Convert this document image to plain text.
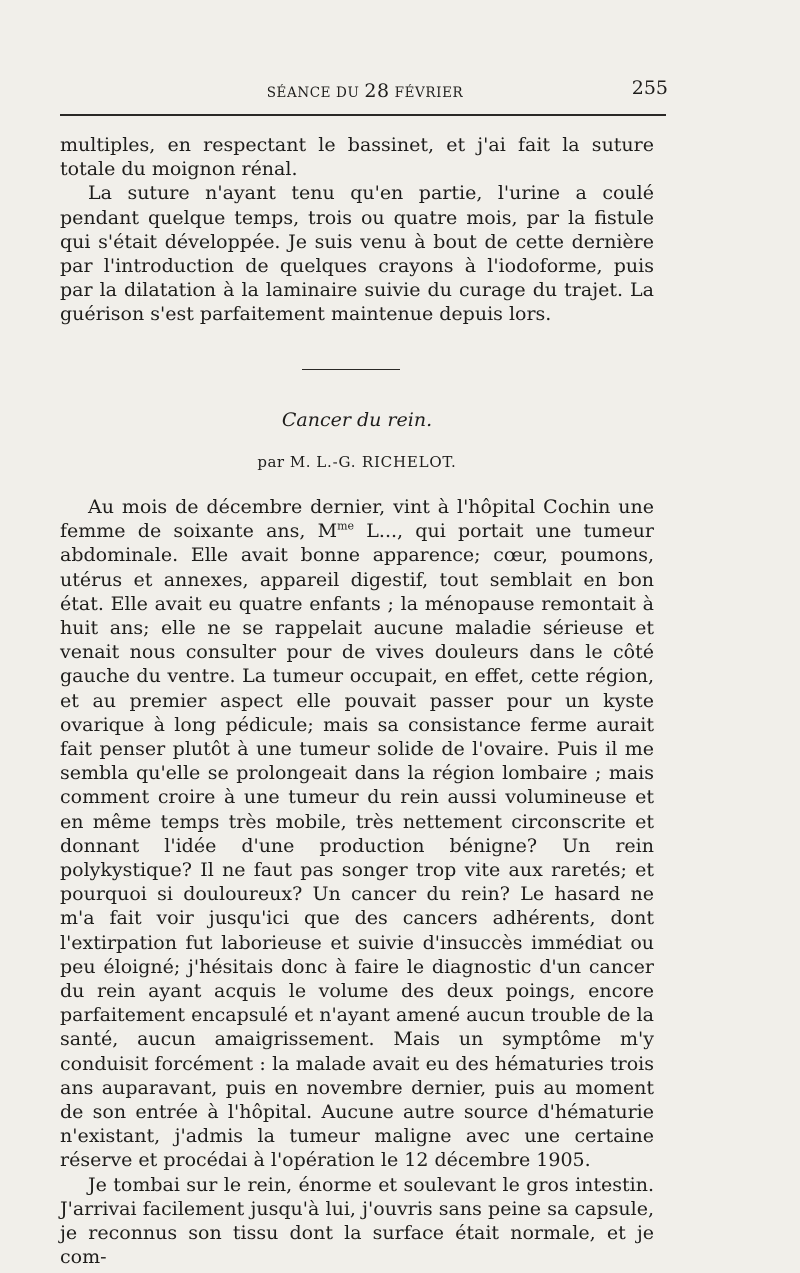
SÉANCE DU 28 FÉVRIER	255

multiples, en respectant le bassinet, et j'ai fait la suture totale du moignon rénal.

La suture n'ayant tenu qu'en partie, l'urine a coulé pendant quelque temps, trois ou quatre mois, par la fistule qui s'était développée. Je suis venu à bout de cette dernière par l'introduction de quelques crayons à l'iodoforme, puis par la dilatation à la laminaire suivie du curage du trajet. La guérison s'est parfaitement maintenue depuis lors.

Cancer du rein.
par M. L.-G. RICHELOT.

Au mois de décembre dernier, vint à l'hôpital Cochin une femme de soixante ans, $M^{me}$ L..., qui portait une tumeur abdominale. Elle avait bonne apparence; cœur, poumons, utérus et annexes, appareil digestif, tout semblait en bon état. Elle avait eu quatre enfants ; la ménopause remontait à huit ans; elle ne se rappelait aucune maladie sérieuse et venait nous consulter pour de vives douleurs dans le côté gauche du ventre. La tumeur occupait, en effet, cette région, et au premier aspect elle pouvait passer pour un kyste ovarique à long pédicule; mais sa consistance ferme aurait fait penser plutôt à une tumeur solide de l'ovaire. Puis il me sembla qu'elle se prolongeait dans la région lombaire ; mais comment croire à une tumeur du rein aussi volumineuse et en même temps très mobile, très nettement circonscrite et donnant l'idée d'une production bénigne? Un rein polykystique? Il ne faut pas songer trop vite aux raretés; et pourquoi si douloureux? Un cancer du rein? Le hasard ne m'a fait voir jusqu'ici que des cancers adhérents, dont l'extirpation fut laborieuse et suivie d'insuccès immédiat ou peu éloigné; j'hésitais donc à faire le diagnostic d'un cancer du rein ayant acquis le volume des deux poings, encore parfaitement encapsulé et n'ayant amené aucun trouble de la santé, aucun amaigrissement. Mais un symptôme m'y conduisit forcément : la malade avait eu des hématuries trois ans auparavant, puis en novembre dernier, puis au moment de son entrée à l'hôpital. Aucune autre source d'hématurie n'existant, j'admis la tumeur maligne avec une certaine réserve et procédai à l'opération le 12 décembre 1905.

Je tombai sur le rein, énorme et soulevant le gros intestin. J'arrivai facilement jusqu'à lui, j'ouvris sans peine sa capsule, je reconnus son tissu dont la surface était normale, et je com-
